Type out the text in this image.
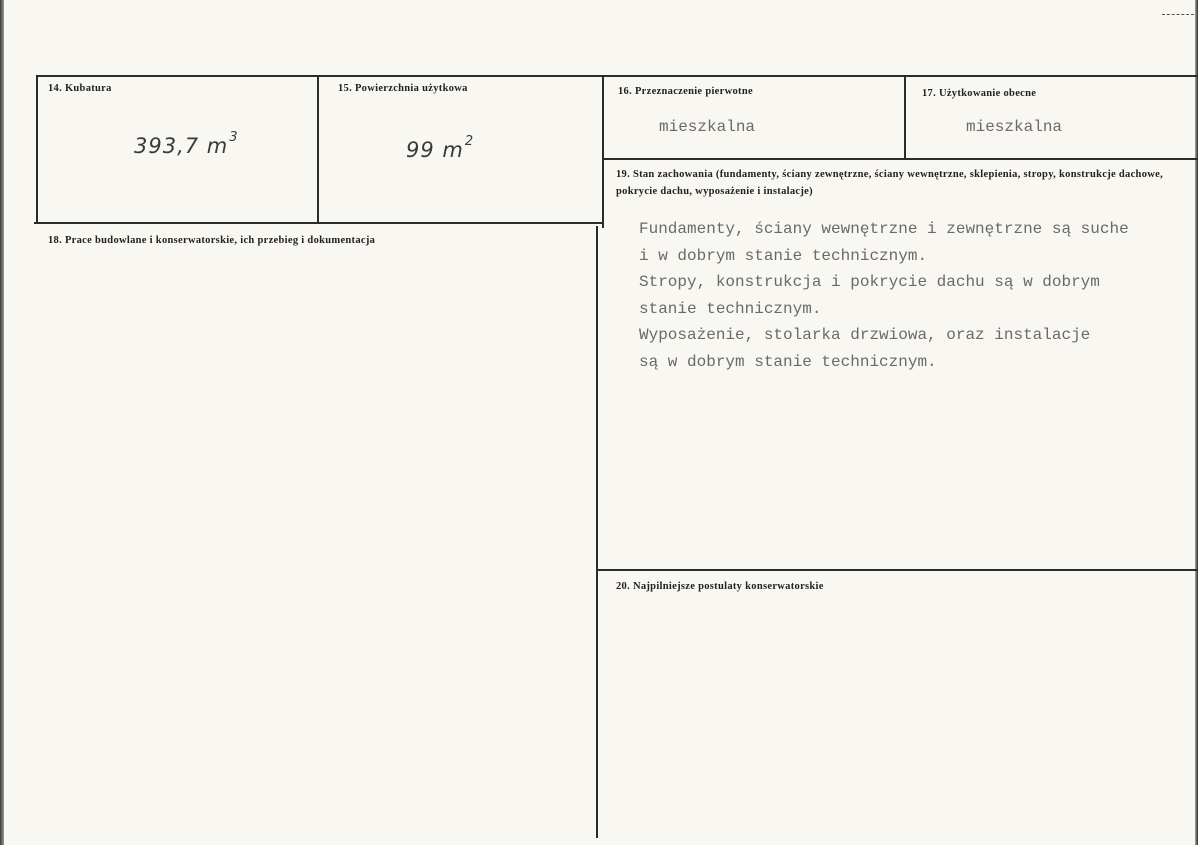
14. Kubatura
393,7 $m^3$
15. Powierzchnia użytkowa
99 $m^2$
16. Przeznaczenie pierwotne
mieszkalna
17. Użytkowanie obecne
mieszkalna
18. Prace budowlane i konserwatorskie, ich przebieg i dokumentacja
19. Stan zachowania (fundamenty, ściany zewnętrzne, ściany wewnętrzne, sklepienia, stropy, konstrukcje dachowe, pokrycie dachu, wyposażenie i instalacje)
Fundamenty, ściany wewnętrzne i zewnętrzne są suche
i w dobrym stanie technicznym.
Stropy, konstrukcja i pokrycie dachu są w dobrym
stanie technicznym.
Wyposażenie, stolarka drzwiowa, oraz instalacje
są w dobrym stanie technicznym.
20. Najpilniejsze postulaty konserwatorskie
